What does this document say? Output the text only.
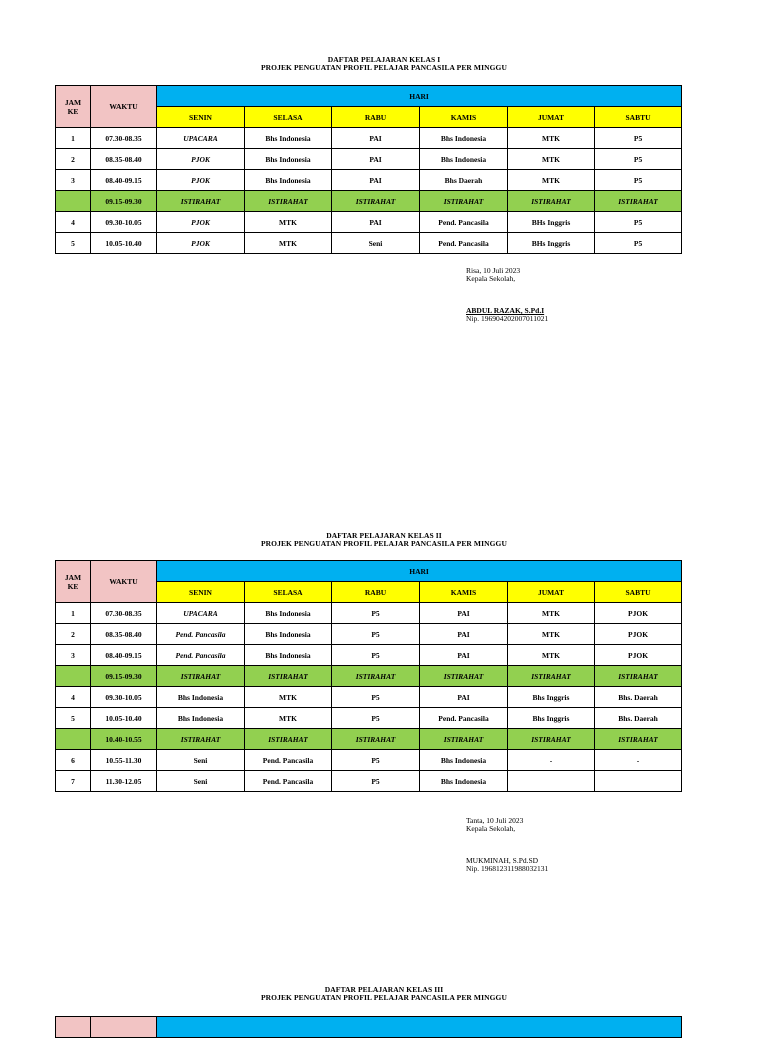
DAFTAR PELAJARAN KELAS I
PROJEK PENGUATAN PROFIL PELAJAR PANCASILA PER MINGGU
JAM
KE	WAKTU	HARI					
		SENIN	SELASA	RABU	KAMIS	JUMAT	SABTU
1	07.30-08.35	UPACARA	Bhs Indonesia	PAI	Bhs Indonesia	MTK	P5
2	08.35-08.40	PJOK	Bhs Indonesia	PAI	Bhs Indonesia	MTK	P5
3	08.40-09.15	PJOK	Bhs Indonesia	PAI	Bhs Daerah	MTK	P5
	09.15-09.30	ISTIRAHAT	ISTIRAHAT	ISTIRAHAT	ISTIRAHAT	ISTIRAHAT	ISTIRAHAT
4	09.30-10.05	PJOK	MTK	PAI	Pend. Pancasila	BHs Inggris	P5
5	10.05-10.40	PJOK	MTK	Seni	Pend. Pancasila	BHs Inggris	P5
Risa, 10 Juli 2023
Kepala Sekolah,
ABDUL RAZAK, S.Pd.I
Nip. 196904202007011021
DAFTAR PELAJARAN KELAS II
PROJEK PENGUATAN PROFIL PELAJAR PANCASILA PER MINGGU
JAM
KE	WAKTU	HARI					
		SENIN	SELASA	RABU	KAMIS	JUMAT	SABTU
1	07.30-08.35	UPACARA	Bhs Indonesia	P5	PAI	MTK	PJOK
2	08.35-08.40	Pend. Pancasila	Bhs Indonesia	P5	PAI	MTK	PJOK
3	08.40-09.15	Pend. Pancasila	Bhs Indonesia	P5	PAI	MTK	PJOK
	09.15-09.30	ISTIRAHAT	ISTIRAHAT	ISTIRAHAT	ISTIRAHAT	ISTIRAHAT	ISTIRAHAT
4	09.30-10.05	Bhs Indonesia	MTK	P5	PAI	Bhs Inggris	Bhs. Daerah
5	10.05-10.40	Bhs Indonesia	MTK	P5	Pend. Pancasila	Bhs Inggris	Bhs. Daerah
	10.40-10.55	ISTIRAHAT	ISTIRAHAT	ISTIRAHAT	ISTIRAHAT	ISTIRAHAT	ISTIRAHAT
6	10.55-11.30	Seni	Pend. Pancasila	P5	Bhs Indonesia	-	-
7	11.30-12.05	Seni	Pend. Pancasila	P5	Bhs Indonesia		
Tanta, 10 Juli 2023
Kepala Sekolah,
MUKMINAH, S.Pd.SD
Nip. 196812311988032131
DAFTAR PELAJARAN KELAS III
PROJEK PENGUATAN PROFIL PELAJAR PANCASILA PER MINGGU
